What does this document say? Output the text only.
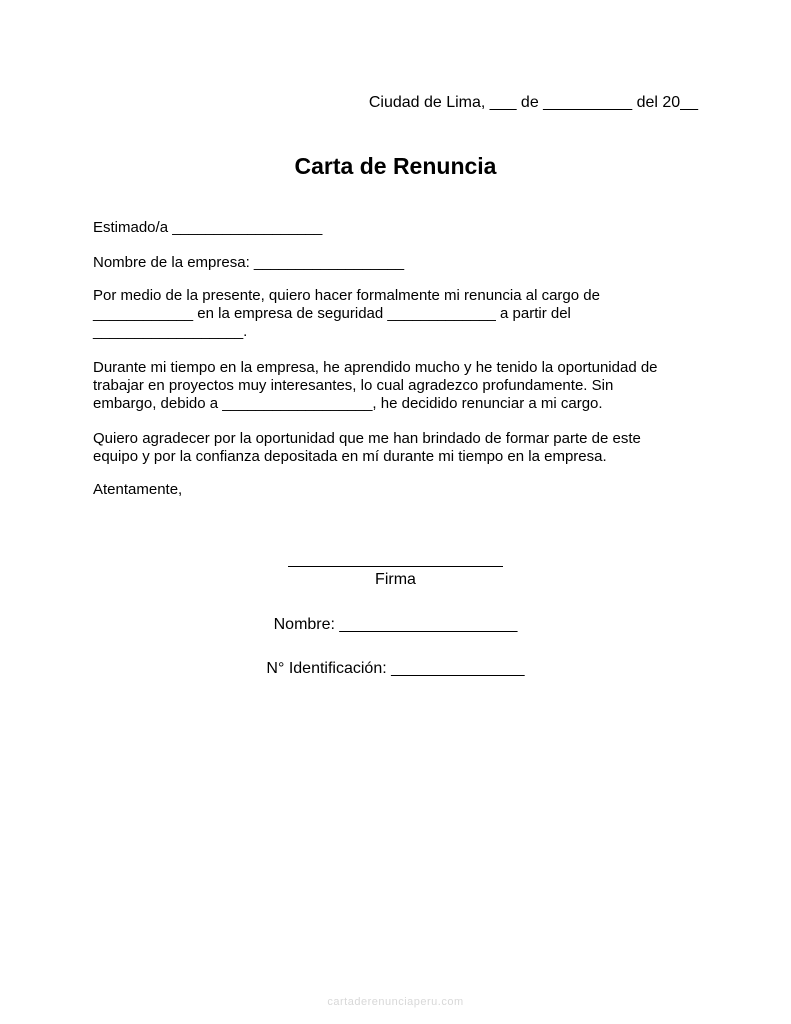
Ciudad de Lima, ___ de __________ del 20__
Carta de Renuncia

Estimado/a __________________

Nombre de la empresa: __________________

Por medio de la presente, quiero hacer formalmente mi renuncia al cargo de
____________ en la empresa de seguridad _____________ a partir del
__________________.

Durante mi tiempo en la empresa, he aprendido mucho y he tenido la oportunidad de
trabajar en proyectos muy interesantes, lo cual agradezco profundamente. Sin
embargo, debido a __________________, he decidido renunciar a mi cargo.

Quiero agradecer por la oportunidad que me han brindado de formar parte de este
equipo y por la confianza depositada en mí durante mi tiempo en la empresa.

Atentamente,

Firma
Nombre: ____________________
N° Identificación: _______________
cartaderenunciaperu.com
